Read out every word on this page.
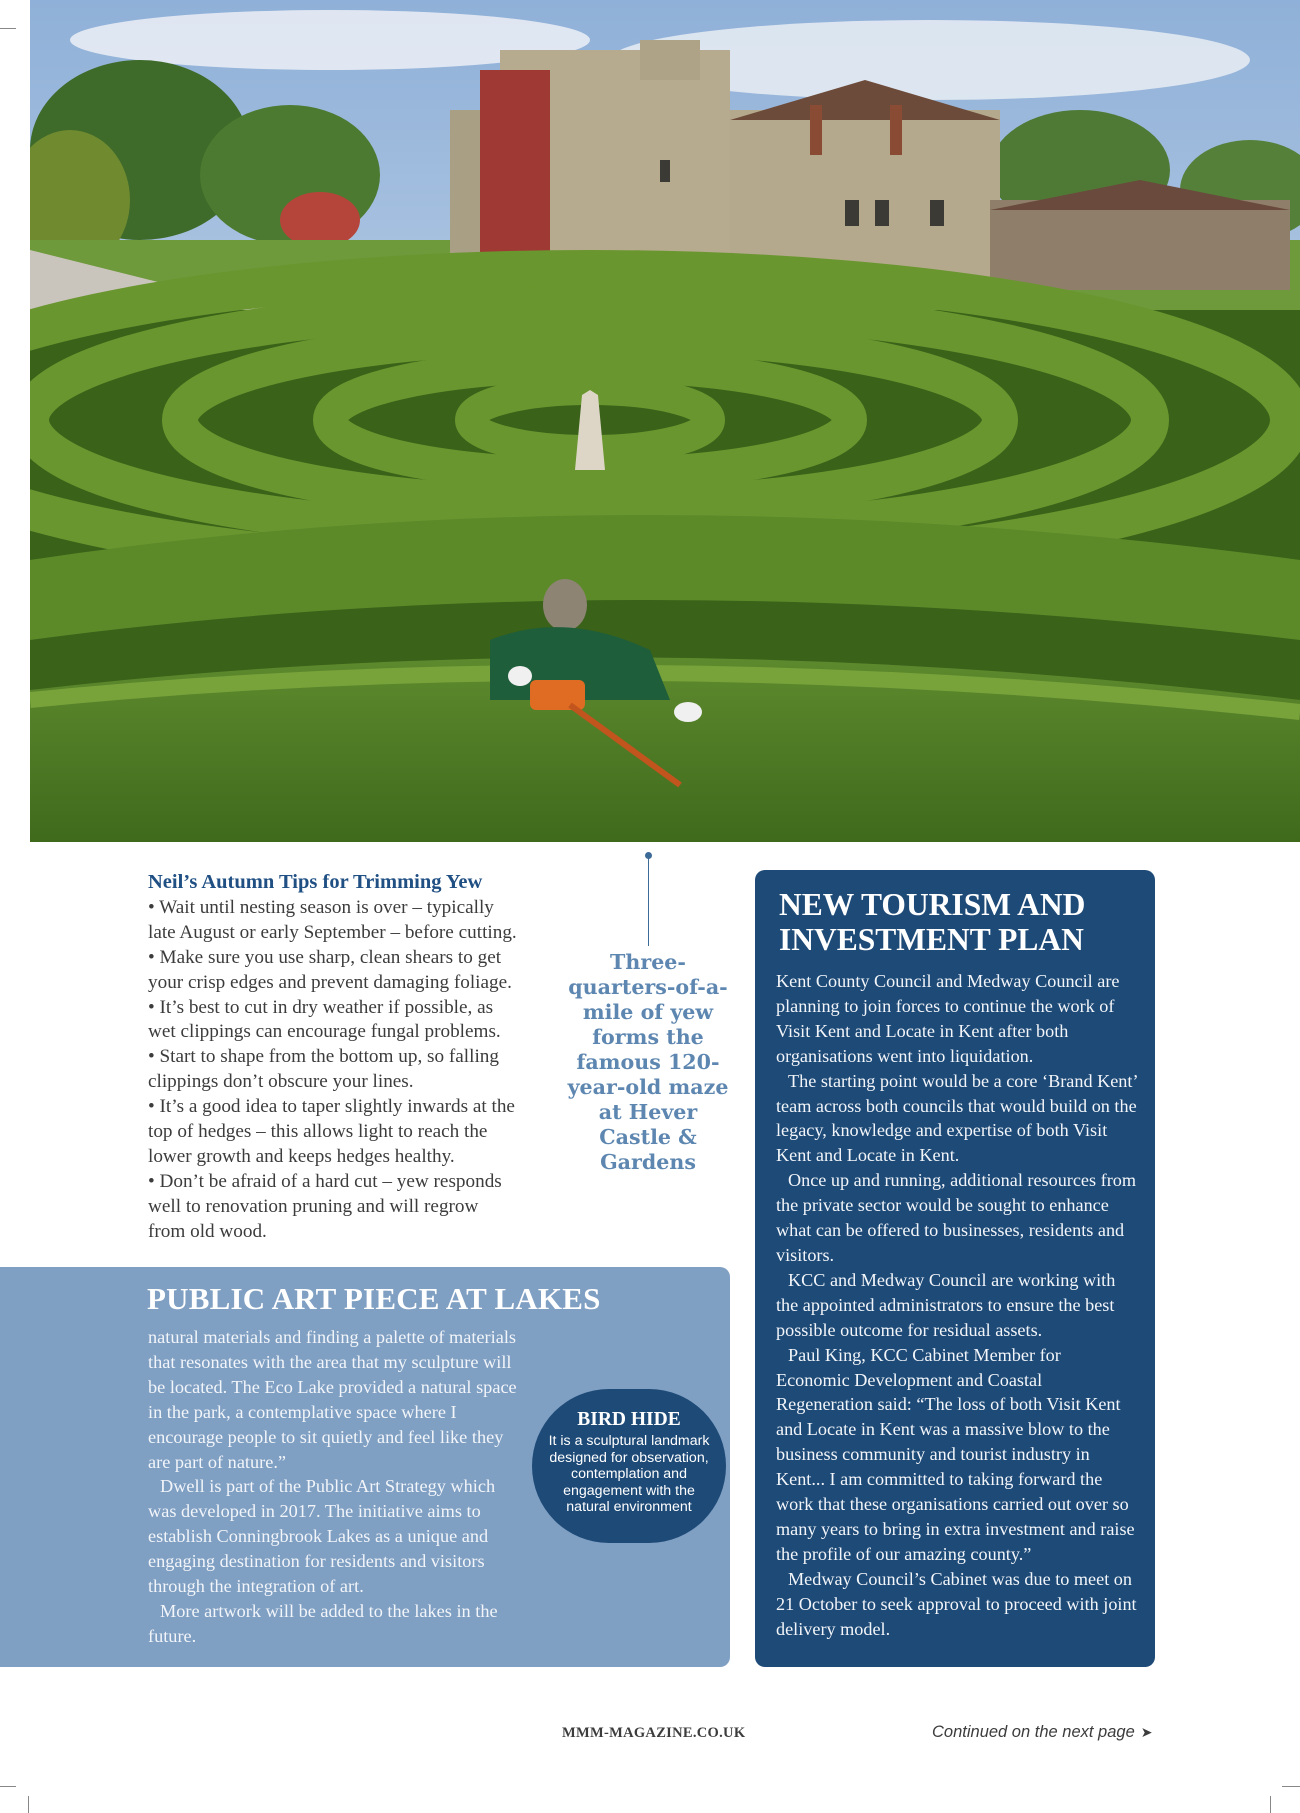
Neil’s Autumn Tips for Trimming Yew

• Wait until nesting season is over – typically late August or early September – before cutting.

• Make sure you use sharp, clean shears to get your crisp edges and prevent damaging foliage.

• It’s best to cut in dry weather if possible, as wet clippings can encourage fungal problems.

• Start to shape from the bottom up, so falling clippings don’t obscure your lines.

• It’s a good idea to taper slightly inwards at the top of hedges – this allows light to reach the lower growth and keeps hedges healthy.

• Don’t be afraid of a hard cut – yew responds well to renovation pruning and will regrow from old wood.

Three-quarters-of-a-mile of yew forms the famous 120-year-old maze at Hever Castle & Gardens
PUBLIC ART PIECE AT LAKES

natural materials and finding a palette of materials that resonates with the area that my sculpture will be located. The Eco Lake provided a natural space in the park, a contemplative space where I encourage people to sit quietly and feel like they are part of nature.”

Dwell is part of the Public Art Strategy which was developed in 2017. The initiative aims to establish Conningbrook Lakes as a unique and engaging destination for residents and visitors through the integration of art.

More artwork will be added to the lakes in the future.

BIRD HIDE
It is a sculptural landmark designed for observation, contemplation and engagement with the natural environment
NEW TOURISM AND INVESTMENT PLAN

Kent County Council and Medway Council are planning to join forces to continue the work of Visit Kent and Locate in Kent after both organisations went into liquidation.

The starting point would be a core ‘Brand Kent’ team across both councils that would build on the legacy, knowledge and expertise of both Visit Kent and Locate in Kent.

Once up and running, additional resources from the private sector would be sought to enhance what can be offered to businesses, residents and visitors.

KCC and Medway Council are working with the appointed administrators to ensure the best possible outcome for residual assets.

Paul King, KCC Cabinet Member for Economic Development and Coastal Regeneration said: “The loss of both Visit Kent and Locate in Kent was a massive blow to the business community and tourist industry in Kent... I am committed to taking forward the work that these organisations carried out over so many years to bring in extra investment and raise the profile of our amazing county.”

Medway Council’s Cabinet was due to meet on 21 October to seek approval to proceed with joint delivery model.

MMM-MAGAZINE.CO.UK	Continued on the next page ➤
